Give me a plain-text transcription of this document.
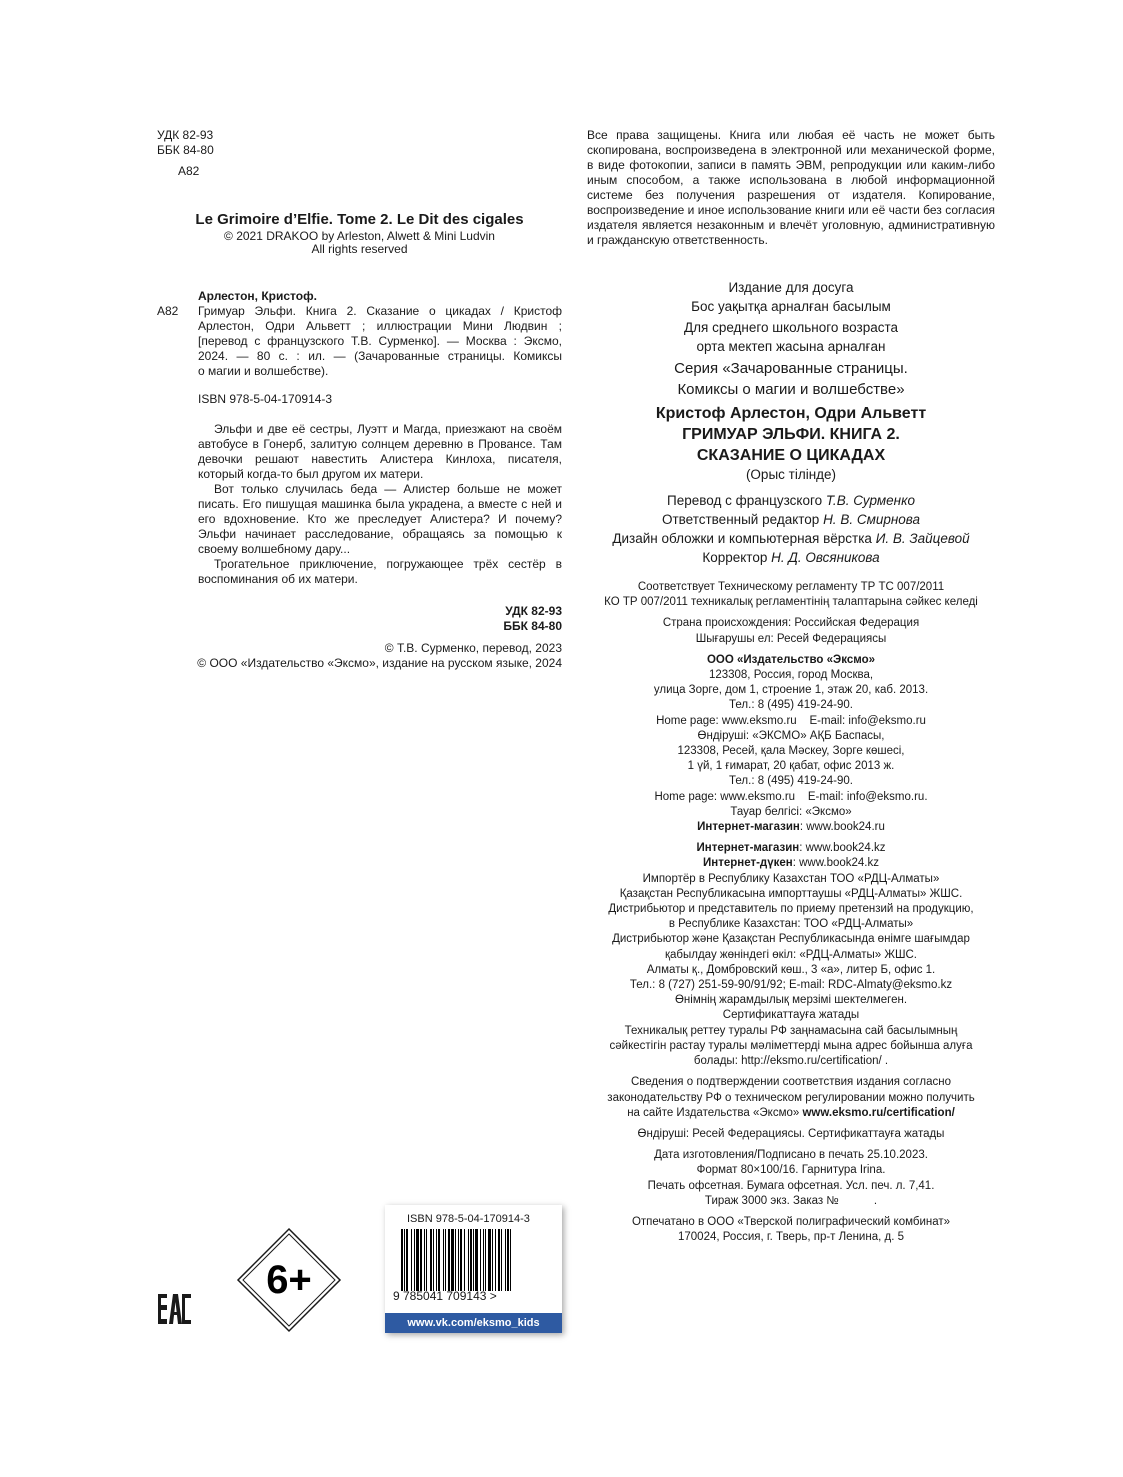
УДК 82-93
ББК 84-80
А82
Le Grimoire d’Elfie. Tome 2. Le Dit des cigales
© 2021 DRAKOO by Arleston, Alwett & Mini Ludvin
All rights reserved
Арлестон, Кристоф.
А82 Гримуар Эльфи. Книга 2. Сказание о цикадах / Кристоф
Арлестон, Одри Альветт ; иллюстрации Мини Людвин ;
[перевод с французского Т.В. Сурменко]. — Москва : Эксмо,
2024. — 80 с. : ил. — (Зачарованные страницы. Комиксы
о магии и волшебстве).
ISBN 978-5-04-170914-3
Эльфи и две её сестры, Луэтт и Магда, приезжают на своём автобусе в Гонерб, залитую солнцем деревню в Провансе. Там девочки решают навестить Алистера Кинлоха, писателя, который когда-то был другом их матери.
Вот только случилась беда — Алистер больше не может писать. Его пишущая машинка была украдена, а вместе с ней и его вдохновение. Кто же преследует Алистера? И почему? Эльфи начинает расследование, обращаясь за помощью к своему волшебному дару...
Трогательное приключение, погружающее трёх сестёр в воспоминания об их матери.
УДК 82-93
ББК 84-80
© Т.В. Сурменко, перевод, 2023
© ООО «Издательство «Эксмо», издание на русском языке, 2024
Все права защищены. Книга или любая её часть не может быть скопирована, воспроизведена в электронной или механической форме, в виде фотокопии, записи в память ЭВМ, репродукции или каким-либо иным способом, а также использована в любой информационной системе без получения разрешения от издателя. Копирование, воспроизведение и иное использование книги или её части без согласия издателя является незаконным и влечёт уголовную, административную и гражданскую ответственность.
Издание для досуга
Бос уақытқа арналған басылым
Для среднего школьного возраста
орта мектеп жасына арналған
Серия «Зачарованные страницы.
Комиксы о магии и волшебстве»
Кристоф Арлестон, Одри Альветт
ГРИМУАР ЭЛЬФИ. КНИГА 2.
СКАЗАНИЕ О ЦИКАДАХ
(Орыс тілінде)
Перевод с французского Т.В. Сурменко
Ответственный редактор Н. В. Смирнова
Дизайн обложки и компьютерная вёрстка И. В. Зайцевой
Корректор Н. Д. Овсяникова
Соответствует Техническому регламенту ТР ТС 007/2011
КО ТР 007/2011 техникалық регламентінің талаптарына сәйкес келеді
Страна происхождения: Российская Федерация
Шығарушы ел: Ресей Федерациясы
ООО «Издательство «Эксмо»
123308, Россия, город Москва,
улица Зорге, дом 1, строение 1, этаж 20, каб. 2013.
Тел.: 8 (495) 419-24-90.
Home page: www.eksmo.ru    E-mail: info@eksmo.ru
Өндіруші: «ЭКСМО» АҚБ Баспасы,
123308, Ресей, қала Мәскеу, Зорге көшесі,
1 үй, 1 ғимарат, 20 қабат, офис 2013 ж.
Тел.: 8 (495) 419-24-90.
Home page: www.eksmo.ru    E-mail: info@eksmo.ru.
Тауар белгісі: «Эксмо»
Интернет-магазин: www.book24.ru
Интернет-магазин: www.book24.kz
Интернет-дүкен: www.book24.kz
Импортёр в Республику Казахстан ТОО «РДЦ-Алматы»
Қазақстан Республикасына импорттаушы «РДЦ-Алматы» ЖШС.
Дистрибьютор и представитель по приему претензий на продукцию,
в Республике Казахстан: ТОО «РДЦ-Алматы»
Дистрибьютор және Қазақстан Республикасында өнімге шағымдар
қабылдау жөніндегі өкіл: «РДЦ-Алматы» ЖШС.
Алматы қ., Домбровский көш., 3 «а», литер Б, офис 1.
Тел.: 8 (727) 251-59-90/91/92; E-mail: RDC-Almaty@eksmo.kz
Өнімнің жарамдылық мерзімі шектелмеген.
Сертификаттауға жатады
Техникалық реттеу туралы РФ заңнамасына сай басылымның
сәйкестігін растау туралы мәліметтерді мына адрес бойынша алуға
болады: http://eksmo.ru/certification/ .
Сведения о подтверждении соответствия издания согласно
законодательству РФ о техническом регулировании можно получить
на сайте Издательства «Эксмо» www.eksmo.ru/certification/
Өндіруші: Ресей Федерациясы. Сертификаттауға жатады
Дата изготовления/Подписано в печать 25.10.2023.
Формат 80×100/16. Гарнитура Irina.
Печать офсетная. Бумага офсетная. Усл. печ. л. 7,41.
Тираж 3000 экз. Заказ №           .
Отпечатано в ООО «Тверской полиграфический комбинат»
170024, Россия, г. Тверь, пр-т Ленина, д. 5
6+
ISBN 978-5-04-170914-3
9 785041 709143 >
www.vk.com/eksmo_kids
